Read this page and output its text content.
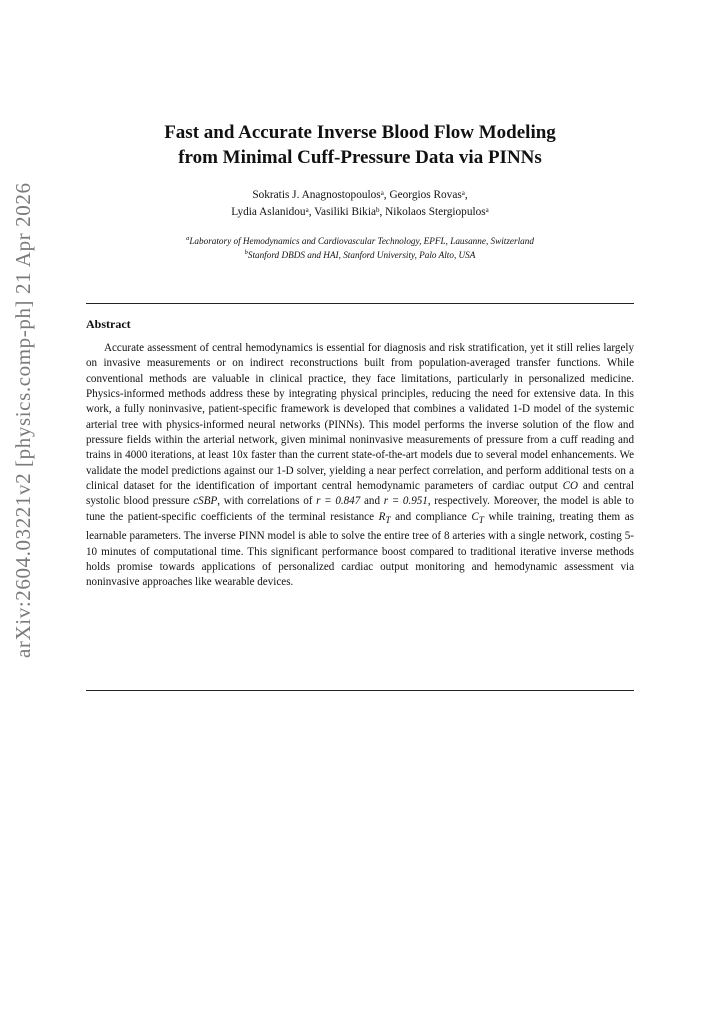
arXiv:2604.03221v2 [physics.comp-ph] 21 Apr 2026
Fast and Accurate Inverse Blood Flow Modeling
from Minimal Cuff-Pressure Data via PINNs
Sokratis J. Anagnostopoulos$^a$, Georgios Rovas$^a$,
Lydia Aslanidou$^a$, Vasiliki Bikia$^b$, Nikolaos Stergiopulos$^a$
$^a$Laboratory of Hemodynamics and Cardiovascular Technology, EPFL, Lausanne, Switzerland
$^b$Stanford DBDS and HAI, Stanford University, Palo Alto, USA
Abstract
Accurate assessment of central hemodynamics is essential for diagnosis and risk stratification, yet it still relies largely on invasive measurements or on indirect reconstructions built from population-averaged transfer functions. While conventional methods are valuable in clinical practice, they face limitations, particularly in personalized medicine. Physics-informed methods address these by integrating physical principles, reducing the need for extensive data. In this work, a fully noninvasive, patient-specific framework is developed that combines a validated 1-D model of the systemic arterial tree with physics-informed neural networks (PINNs). This model performs the inverse solution of the flow and pressure fields within the arterial network, given minimal noninvasive measurements of pressure from a cuff reading and trains in 4000 iterations, at least 10x faster than the current state-of-the-art models due to several model enhancements. We validate the model predictions against our 1-D solver, yielding a near perfect correlation, and perform additional tests on a clinical dataset for the identification of important central hemodynamic parameters of cardiac output CO and central systolic blood pressure cSBP, with correlations of r = 0.847 and r = 0.951, respectively. Moreover, the model is able to tune the patient-specific coefficients of the terminal resistance $R_T$ and compliance $C_T$ while training, treating them as learnable parameters. The inverse PINN model is able to solve the entire tree of 8 arteries with a single network, costing 5-10 minutes of computational time. This significant performance boost compared to traditional iterative inverse methods holds promise towards applications of personalized cardiac output monitoring and hemodynamic assessment via noninvasive approaches like wearable devices.
